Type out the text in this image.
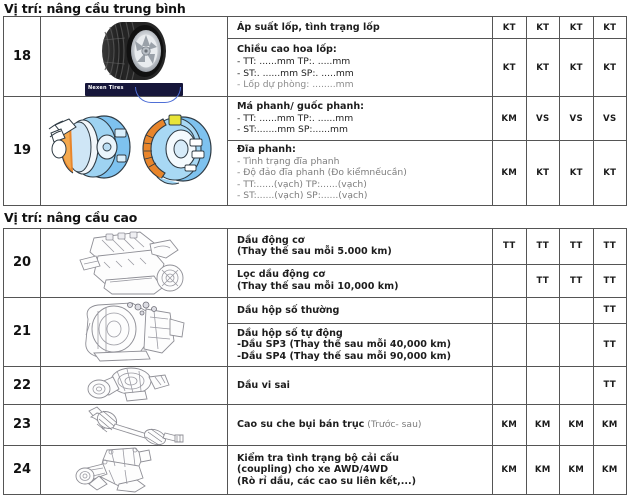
Vị trí: nâng cầu trung bình
18	Nexen Tires	Áp suất lốp, tình trạng lốp	KT	KT	KT	KT

		Chiều cao hoa lốp:
- TT: ......mm TP:. .....mm
- ST:. ......mm SP:. .....mm
- Lốp dự phòng: ........mm	KT	KT	KT	KT

19		Má phanh/ guốc phanh:
- TT: ......mm TP:. ......mm
- ST:.......mm SP:......mm	KM	VS	VS	VS

		Đĩa phanh:
- Tình trạng đĩa phanh
- Độ đảo đĩa phanh (Đo kiểmnếucần)
- TT:......(vạch) TP:......(vạch)
- ST:......(vạch) SP:......(vạch)	KM	KT	KT	KT
Vị trí: nâng cầu cao
20		Dầu động cơ
(Thay thế sau mỗi 5.000 km)	TT	TT	TT	TT

		Lọc dầu động cơ
(Thay thế sau mỗi 10,000 km)		TT	TT	TT

21		Dầu hộp số thường				TT

		Dầu hộp số tự động
-Dầu SP3 (Thay thế sau mỗi 40,000 km)
-Dầu SP4 (Thay thế sau mỗi 90,000 km)				TT

22		Dầu vi sai				TT

23		Cao su che bụi bán trục (Trước- sau)	KM	KM	KM	KM

24		Kiểm tra tình trạng bộ cải cấu
(coupling) cho xe AWD/4WD
(Rò rỉ dầu, các cao su liên kết,...)	KM	KM	KM	KM
